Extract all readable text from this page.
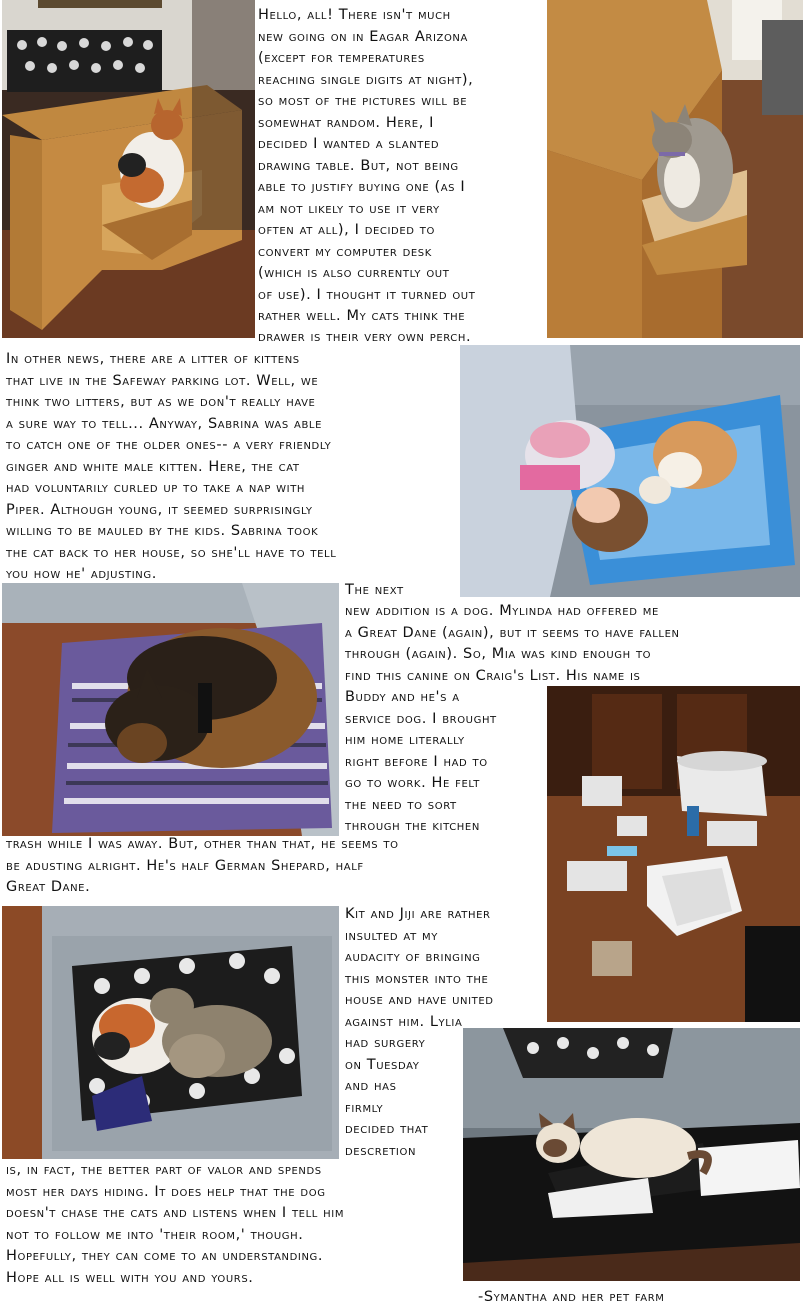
Hello, all! There isn't much
new going on in Eagar Arizona
(except for temperatures
reaching single digits at night),
so most of the pictures will be
somewhat random. Here, I
decided I wanted a slanted
drawing table. But, not being
able to justify buying one (as I
am not likely to use it very
often at all), I decided to
convert my computer desk
(which is also currently out
of use). I thought it turned out
rather well. My cats think the
drawer is their very own perch.
In other news, there are a litter of kittens
that live in the Safeway parking lot. Well, we
think two litters, but as we don't really have
a sure way to tell... Anyway, Sabrina was able
to catch one of the older ones-- a very friendly
ginger and white male kitten. Here, the cat
had voluntarily curled up to take a nap with
Piper. Although young, it seemed surprisingly
willing to be mauled by the kids. Sabrina took
the cat back to her house, so she'll have to tell
you how he' adjusting.
The next
new addition is a dog. Mylinda had offered me
a Great Dane (again), but it seems to have fallen
through (again). So, Mia was kind enough to
find this canine on Craig's List. His name is
Buddy and he's a
service dog. I brought
him home literally
right before I had to
go to work. He felt
the need to sort
through the kitchen
trash while I was away. But, other than that, he seems to
be adusting alright. He's half German Shepard, half
Great Dane.
Kit and Jiji are rather
insulted at my
audacity of bringing
this monster into the
house and have united
against him. Lylia
had surgery
on Tuesday
and has
firmly
decided that
descretion
is, in fact, the better part of valor and spends
most her days hiding. It does help that the dog
doesn't chase the cats and listens when I tell him
not to follow me into 'their room,' though.
Hopefully, they can come to an understanding.
Hope all is well with you and yours.
-Symantha and her pet farm
